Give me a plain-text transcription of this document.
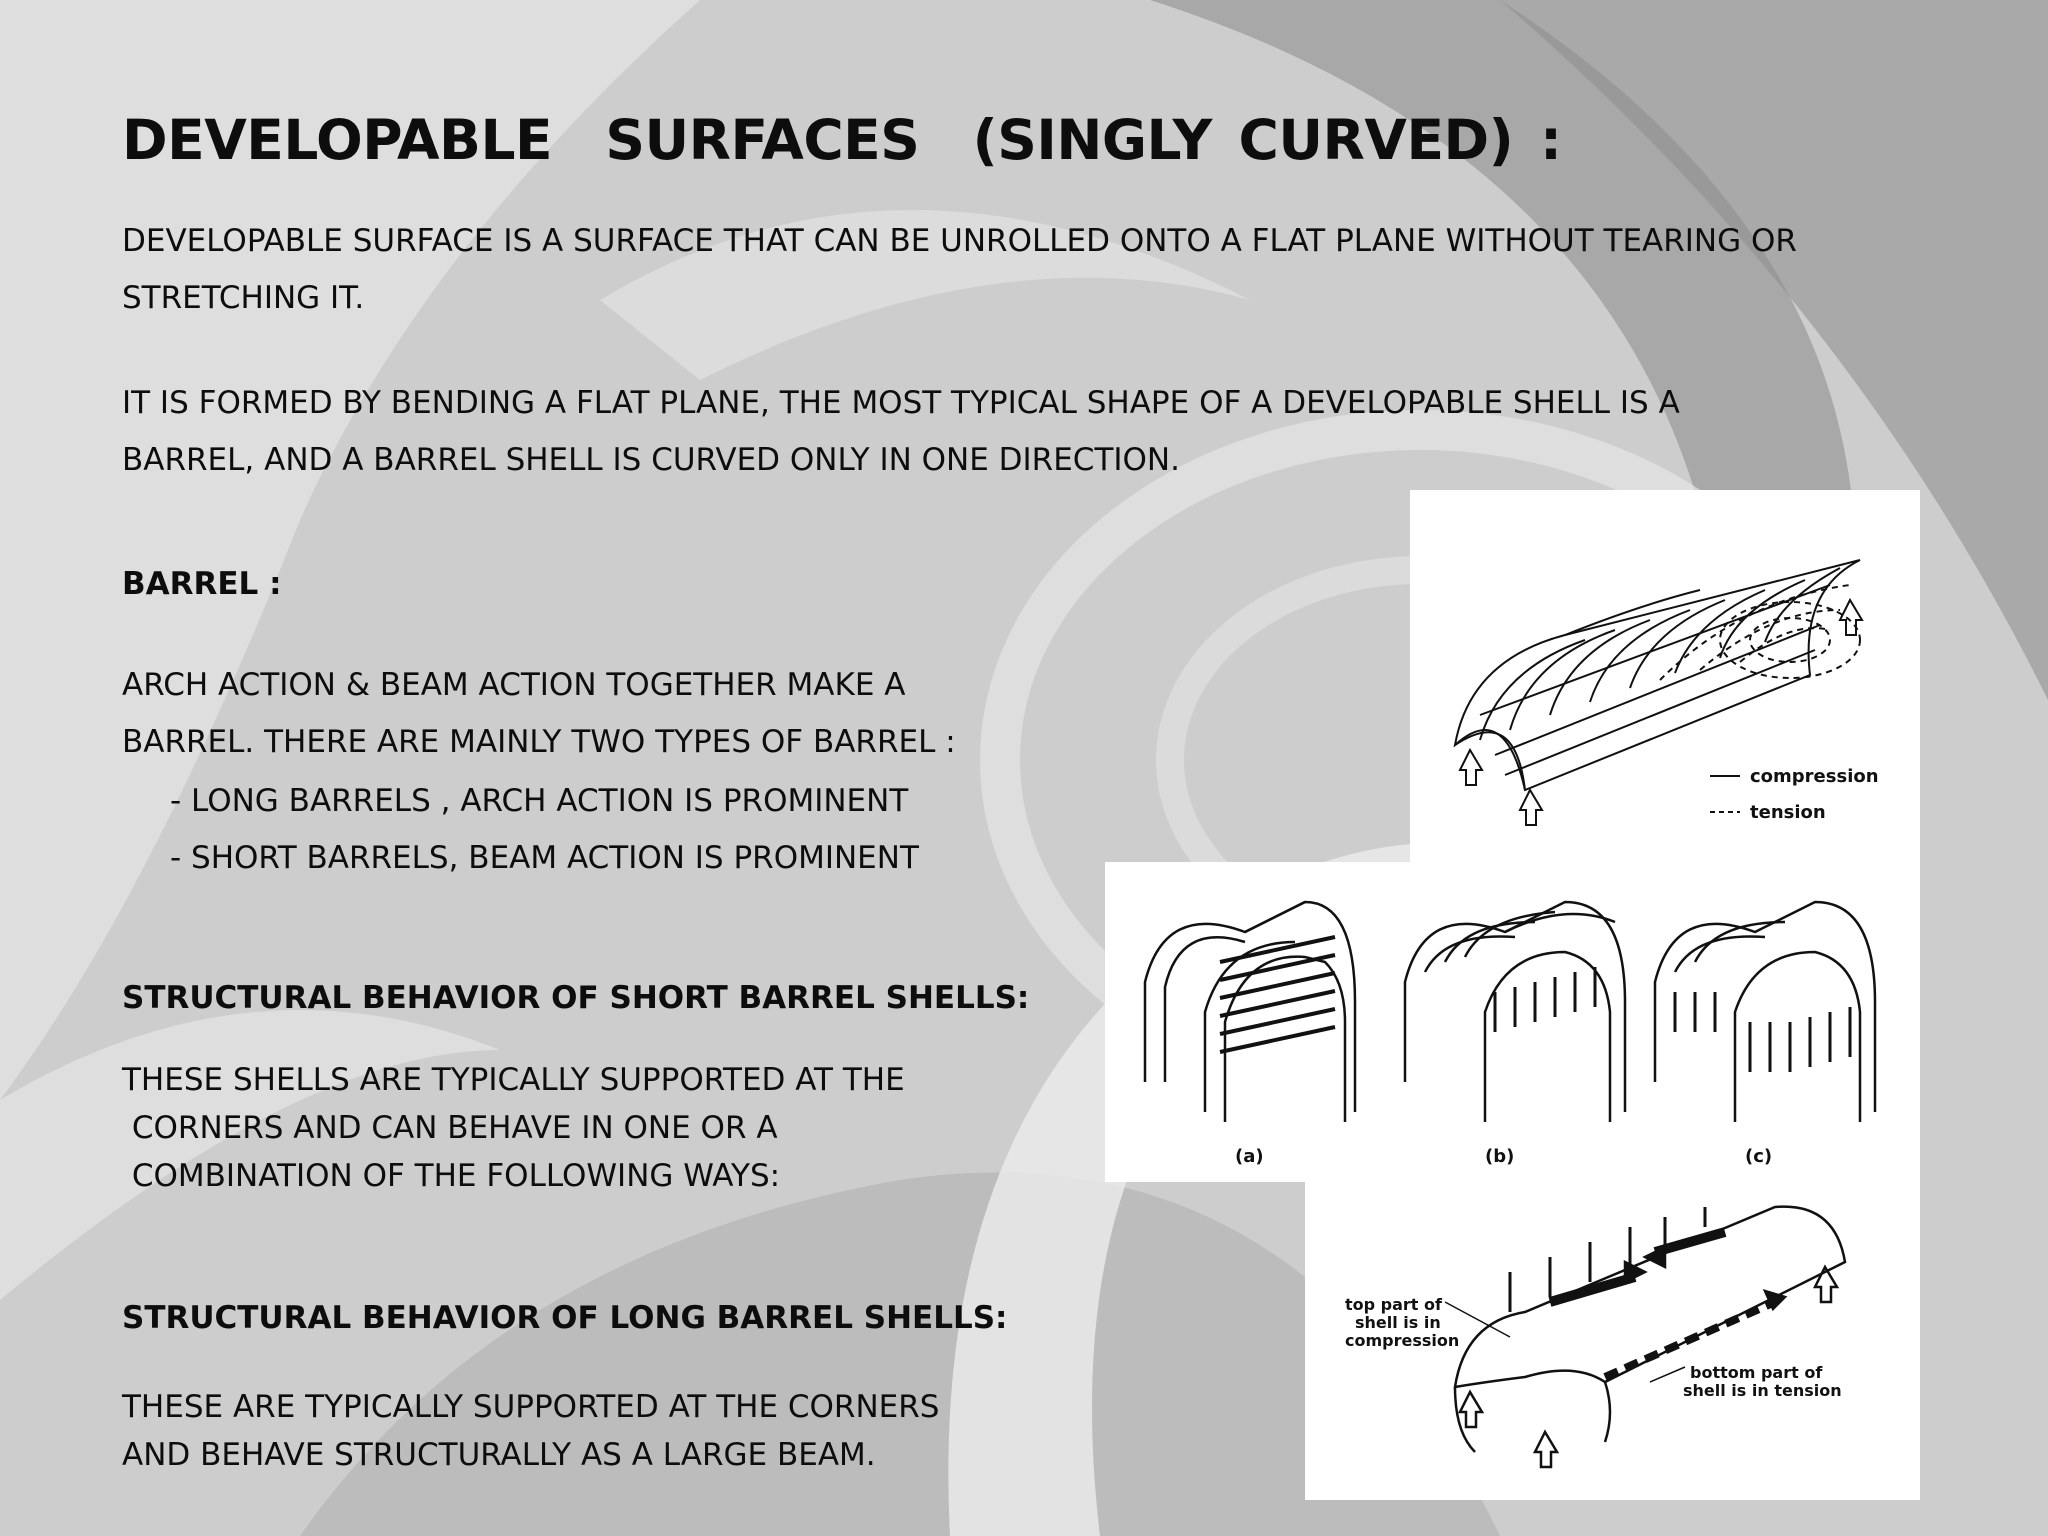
DEVELOPABLE  SURFACES  (SINGLY CURVED) :

DEVELOPABLE SURFACE IS A SURFACE THAT CAN BE UNROLLED ONTO A FLAT PLANE WITHOUT TEARING OR

STRETCHING IT.

IT IS FORMED BY BENDING A FLAT PLANE, THE MOST TYPICAL SHAPE OF A DEVELOPABLE SHELL IS A

BARREL, AND A BARREL SHELL IS CURVED ONLY IN ONE DIRECTION.

BARREL :

ARCH ACTION & BEAM ACTION TOGETHER MAKE A

BARREL. THERE ARE MAINLY TWO TYPES OF BARREL :

- LONG BARRELS , ARCH ACTION IS PROMINENT

- SHORT BARRELS, BEAM ACTION IS PROMINENT

STRUCTURAL BEHAVIOR OF SHORT BARREL SHELLS:

THESE SHELLS ARE TYPICALLY SUPPORTED AT THE

CORNERS AND CAN BEHAVE IN ONE OR A

COMBINATION OF THE FOLLOWING WAYS:

STRUCTURAL BEHAVIOR OF LONG BARREL SHELLS:

THESE ARE TYPICALLY SUPPORTED AT THE CORNERS

AND BEHAVE STRUCTURALLY AS A LARGE BEAM.

compression
tension
(a)	(b)	(c)
top part of
shell is in
compression
bottom part of
shell is in tension
